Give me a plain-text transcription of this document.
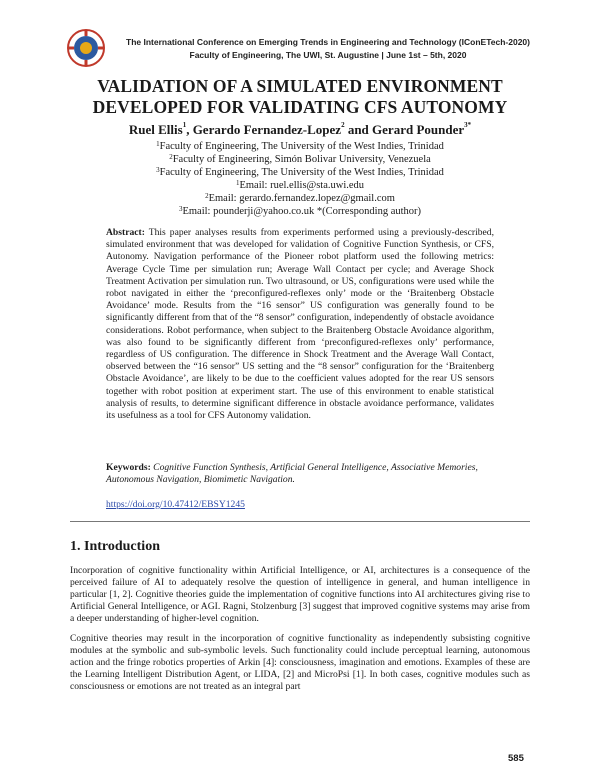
The International Conference on Emerging Trends in Engineering and Technology (IConETech-2020)
Faculty of Engineering, The UWI, St. Augustine | June 1st – 5th, 2020
VALIDATION OF A SIMULATED ENVIRONMENT
DEVELOPED FOR VALIDATING CFS AUTONOMY
Ruel Ellis$^1$, Gerardo Fernandez-Lopez$^2$ and Gerard Pounder$^{3*}$
$^1$Faculty of Engineering, The University of the West Indies, Trinidad
$^2$Faculty of Engineering, Simón Bolivar University, Venezuela
$^3$Faculty of Engineering, The University of the West Indies, Trinidad
$^1$Email: ruel.ellis@sta.uwi.edu
$^2$Email: gerardo.fernandez.lopez@gmail.com
$^3$Email: pounderji@yahoo.co.uk *(Corresponding author)
Abstract: This paper analyses results from experiments performed using a previously-described, simulated environment that was developed for validation of Cognitive Function Synthesis, or CFS, Autonomy. Navigation performance of the Pioneer robot platform used the following metrics: Average Cycle Time per simulation run; Average Wall Contact per cycle; and Average Shock Treatment Activation per simulation run. Two ultrasound, or US, configurations were used while the robot navigated in either the ‘preconfigured-reflexes only’ mode or the ‘Braitenberg Obstacle Avoidance’ mode. Results from the “16 sensor” US configuration was generally found to be significantly different from that of the “8 sensor” configuration, independently of obstacle avoidance considerations. Robot performance, when subject to the Braitenberg Obstacle Avoidance algorithm, was also found to be significantly different from ‘preconfigured-reflexes only’ performance, regardless of US configuration. The difference in Shock Treatment and the Average Wall Contact, observed between the “16 sensor” US setting and the “8 sensor” configuration for the ‘Braitenberg Obstacle Avoidance’, are likely to be due to the coefficient values adopted for the rear US sensors together with robot position at experiment start. The use of this environment to enable statistical analysis of results, to determine significant difference in obstacle avoidance performance, validates its usefulness as a tool for CFS Autonomy validation.
Keywords: Cognitive Function Synthesis, Artificial General Intelligence, Associative Memories, Autonomous Navigation, Biomimetic Navigation.
https://doi.org/10.47412/EBSY1245
1. Introduction
Incorporation of cognitive functionality within Artificial Intelligence, or AI, architectures is a consequence of the perceived failure of AI to adequately resolve the question of intelligence in general, and human intelligence in particular [1, 2]. Cognitive theories guide the implementation of cognitive functions into AI architectures giving rise to Artificial General Intelligence, or AGI. Ragni, Stolzenburg [3] suggest that improved cognitive systems may arise from a deeper understanding of higher-level cognition.
Cognitive theories may result in the incorporation of cognitive functionality as independently subsisting cognitive modules at the symbolic and sub-symbolic levels. Such functionality could include perceptual learning, autonomous action and the fringe robotics properties of Arkin [4]: consciousness, imagination and emotions. Examples of these are the Learning Intelligent Distribution Agent, or LIDA, [2] and MicroPsi [1]. In both cases, cognitive modules such as consciousness or emotions are not treated as an integral part
585
